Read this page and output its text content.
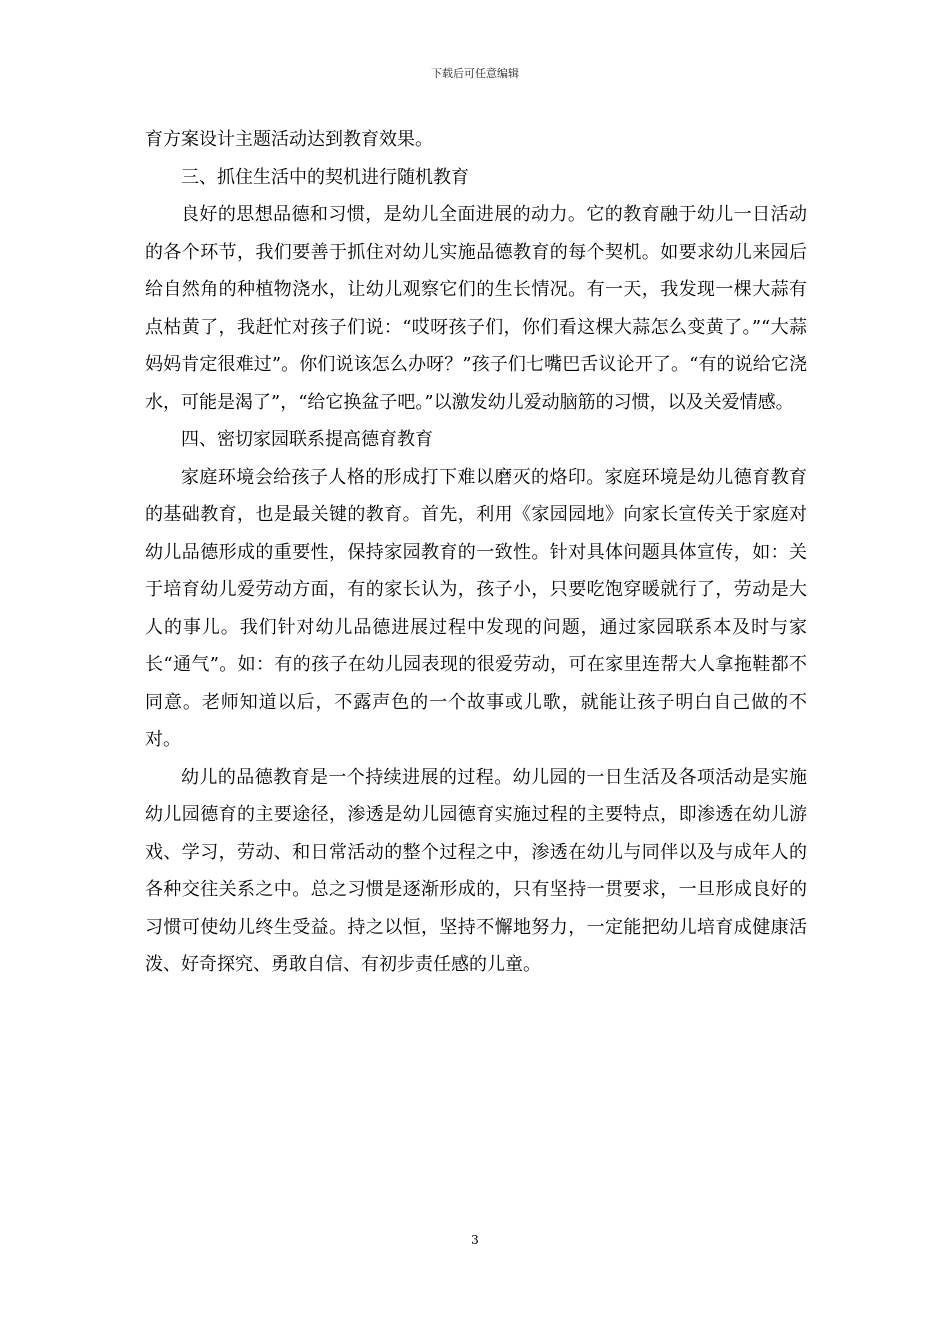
下载后可任意编辑

育方案设计主题活动达到教育效果。

三、抓住生活中的契机进行随机教育

良好的思想品德和习惯，是幼儿全面进展的动力。它的教育融于幼儿一日活动的各个环节，我们要善于抓住对幼儿实施品德教育的每个契机。如要求幼儿来园后给自然角的种植物浇水，让幼儿观察它们的生长情况。有一天，我发现一棵大蒜有点枯黄了，我赶忙对孩子们说：“哎呀孩子们，你们看这棵大蒜怎么变黄了。”“大蒜妈妈肯定很难过”。你们说该怎么办呀？”孩子们七嘴巴舌议论开了。“有的说给它浇水，可能是渴了”，“给它换盆子吧。”以激发幼儿爱动脑筋的习惯，以及关爱情感。

四、密切家园联系提高德育教育

家庭环境会给孩子人格的形成打下难以磨灭的烙印。家庭环境是幼儿德育教育的基础教育，也是最关键的教育。首先，利用《家园园地》向家长宣传关于家庭对幼儿品德形成的重要性，保持家园教育的一致性。针对具体问题具体宣传，如：关于培育幼儿爱劳动方面，有的家长认为，孩子小，只要吃饱穿暖就行了，劳动是大人的事儿。我们针对幼儿品德进展过程中发现的问题，通过家园联系本及时与家长“通气”。如：有的孩子在幼儿园表现的很爱劳动，可在家里连帮大人拿拖鞋都不同意。老师知道以后，不露声色的一个故事或儿歌，就能让孩子明白自己做的不对。

幼儿的品德教育是一个持续进展的过程。幼儿园的一日生活及各项活动是实施幼儿园德育的主要途径，渗透是幼儿园德育实施过程的主要特点，即渗透在幼儿游戏、学习，劳动、和日常活动的整个过程之中，渗透在幼儿与同伴以及与成年人的各种交往关系之中。总之习惯是逐渐形成的，只有坚持一贯要求，一旦形成良好的习惯可使幼儿终生受益。持之以恒，坚持不懈地努力，一定能把幼儿培育成健康活泼、好奇探究、勇敢自信、有初步责任感的儿童。

3
